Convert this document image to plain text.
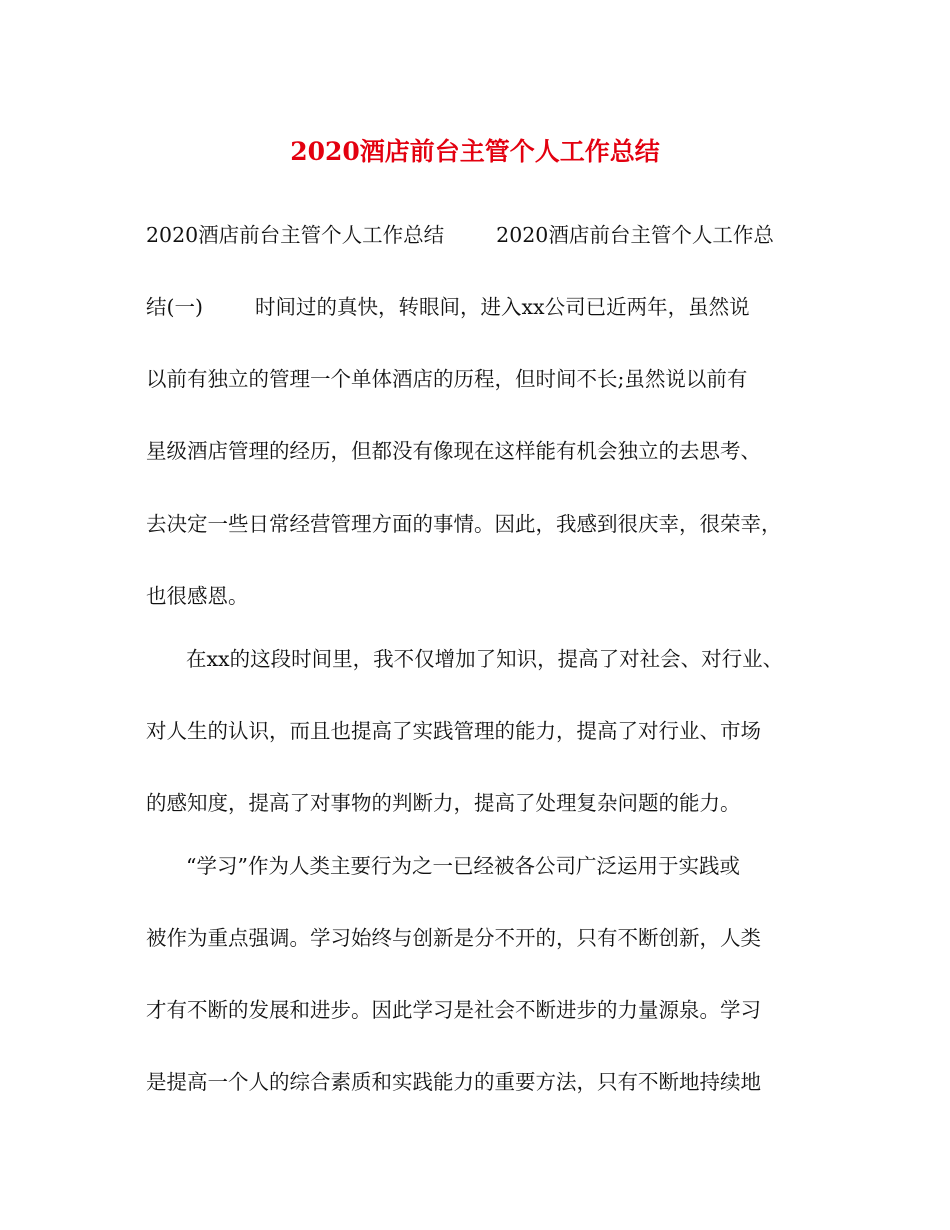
2020酒店前台主管个人工作总结

2020酒店前台主管个人工作总结	2020酒店前台主管个人工作总

结(一)	时间过的真快，转眼间，进入xx公司已近两年，虽然说

以前有独立的管理一个单体酒店的历程，但时间不长;虽然说以前有

星级酒店管理的经历，但都没有像现在这样能有机会独立的去思考、

去决定一些日常经营管理方面的事情。因此，我感到很庆幸，很荣幸，

也很感恩。

在xx的这段时间里，我不仅增加了知识，提高了对社会、对行业、

对人生的认识，而且也提高了实践管理的能力，提高了对行业、市场

的感知度，提高了对事物的判断力，提高了处理复杂问题的能力。

“学习”作为人类主要行为之一已经被各公司广泛运用于实践或

被作为重点强调。学习始终与创新是分不开的，只有不断创新，人类

才有不断的发展和进步。因此学习是社会不断进步的力量源泉。学习

是提高一个人的综合素质和实践能力的重要方法，只有不断地持续地
